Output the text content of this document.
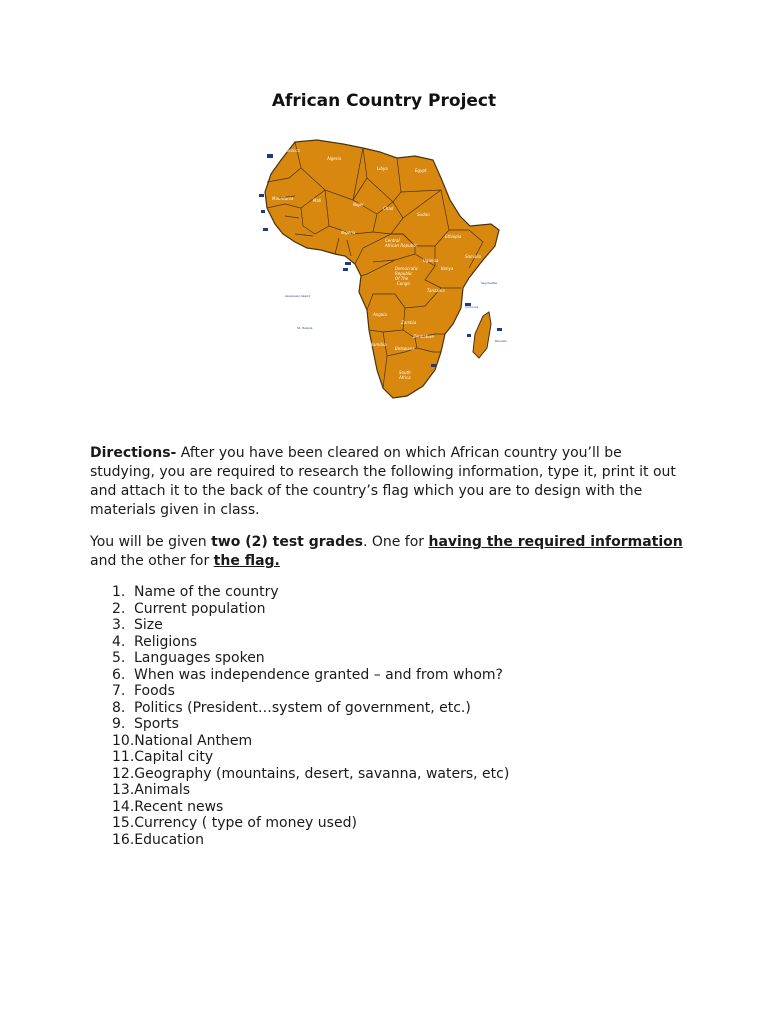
African Country Project
Algeria
Libya	Egypt
Mauritania	Mali
Niger
Chad
Sudan
Ethiopia
Nigeria
Central
African Republic
Democratic
Republic
Of The
Congo
Kenya
Tanzania
Angola
Zambia
Namibia
Botswana
Zimbabwe
South
Africa
Somalia
Morocco
Uganda
Ascension Island
St. Helena
Seychelles
Reunion
Comoros
Directions- After you have been cleared on which African country you’ll be studying, you are required to research the following information, type it, print it out and attach it to the back of the country’s flag which you are to design with the materials given in class.
You will be given two (2) test grades. One for having the required information and the other for the flag.
1. Name of the country
2. Current population
3. Size
4. Religions
5. Languages spoken
6. When was independence granted – and from whom?
7. Foods
8. Politics (President…system of government, etc.)
9. Sports
10. National Anthem
11. Capital city
12. Geography (mountains, desert, savanna, waters, etc)
13. Animals
14. Recent news
15. Currency ( type of money used)
16. Education
